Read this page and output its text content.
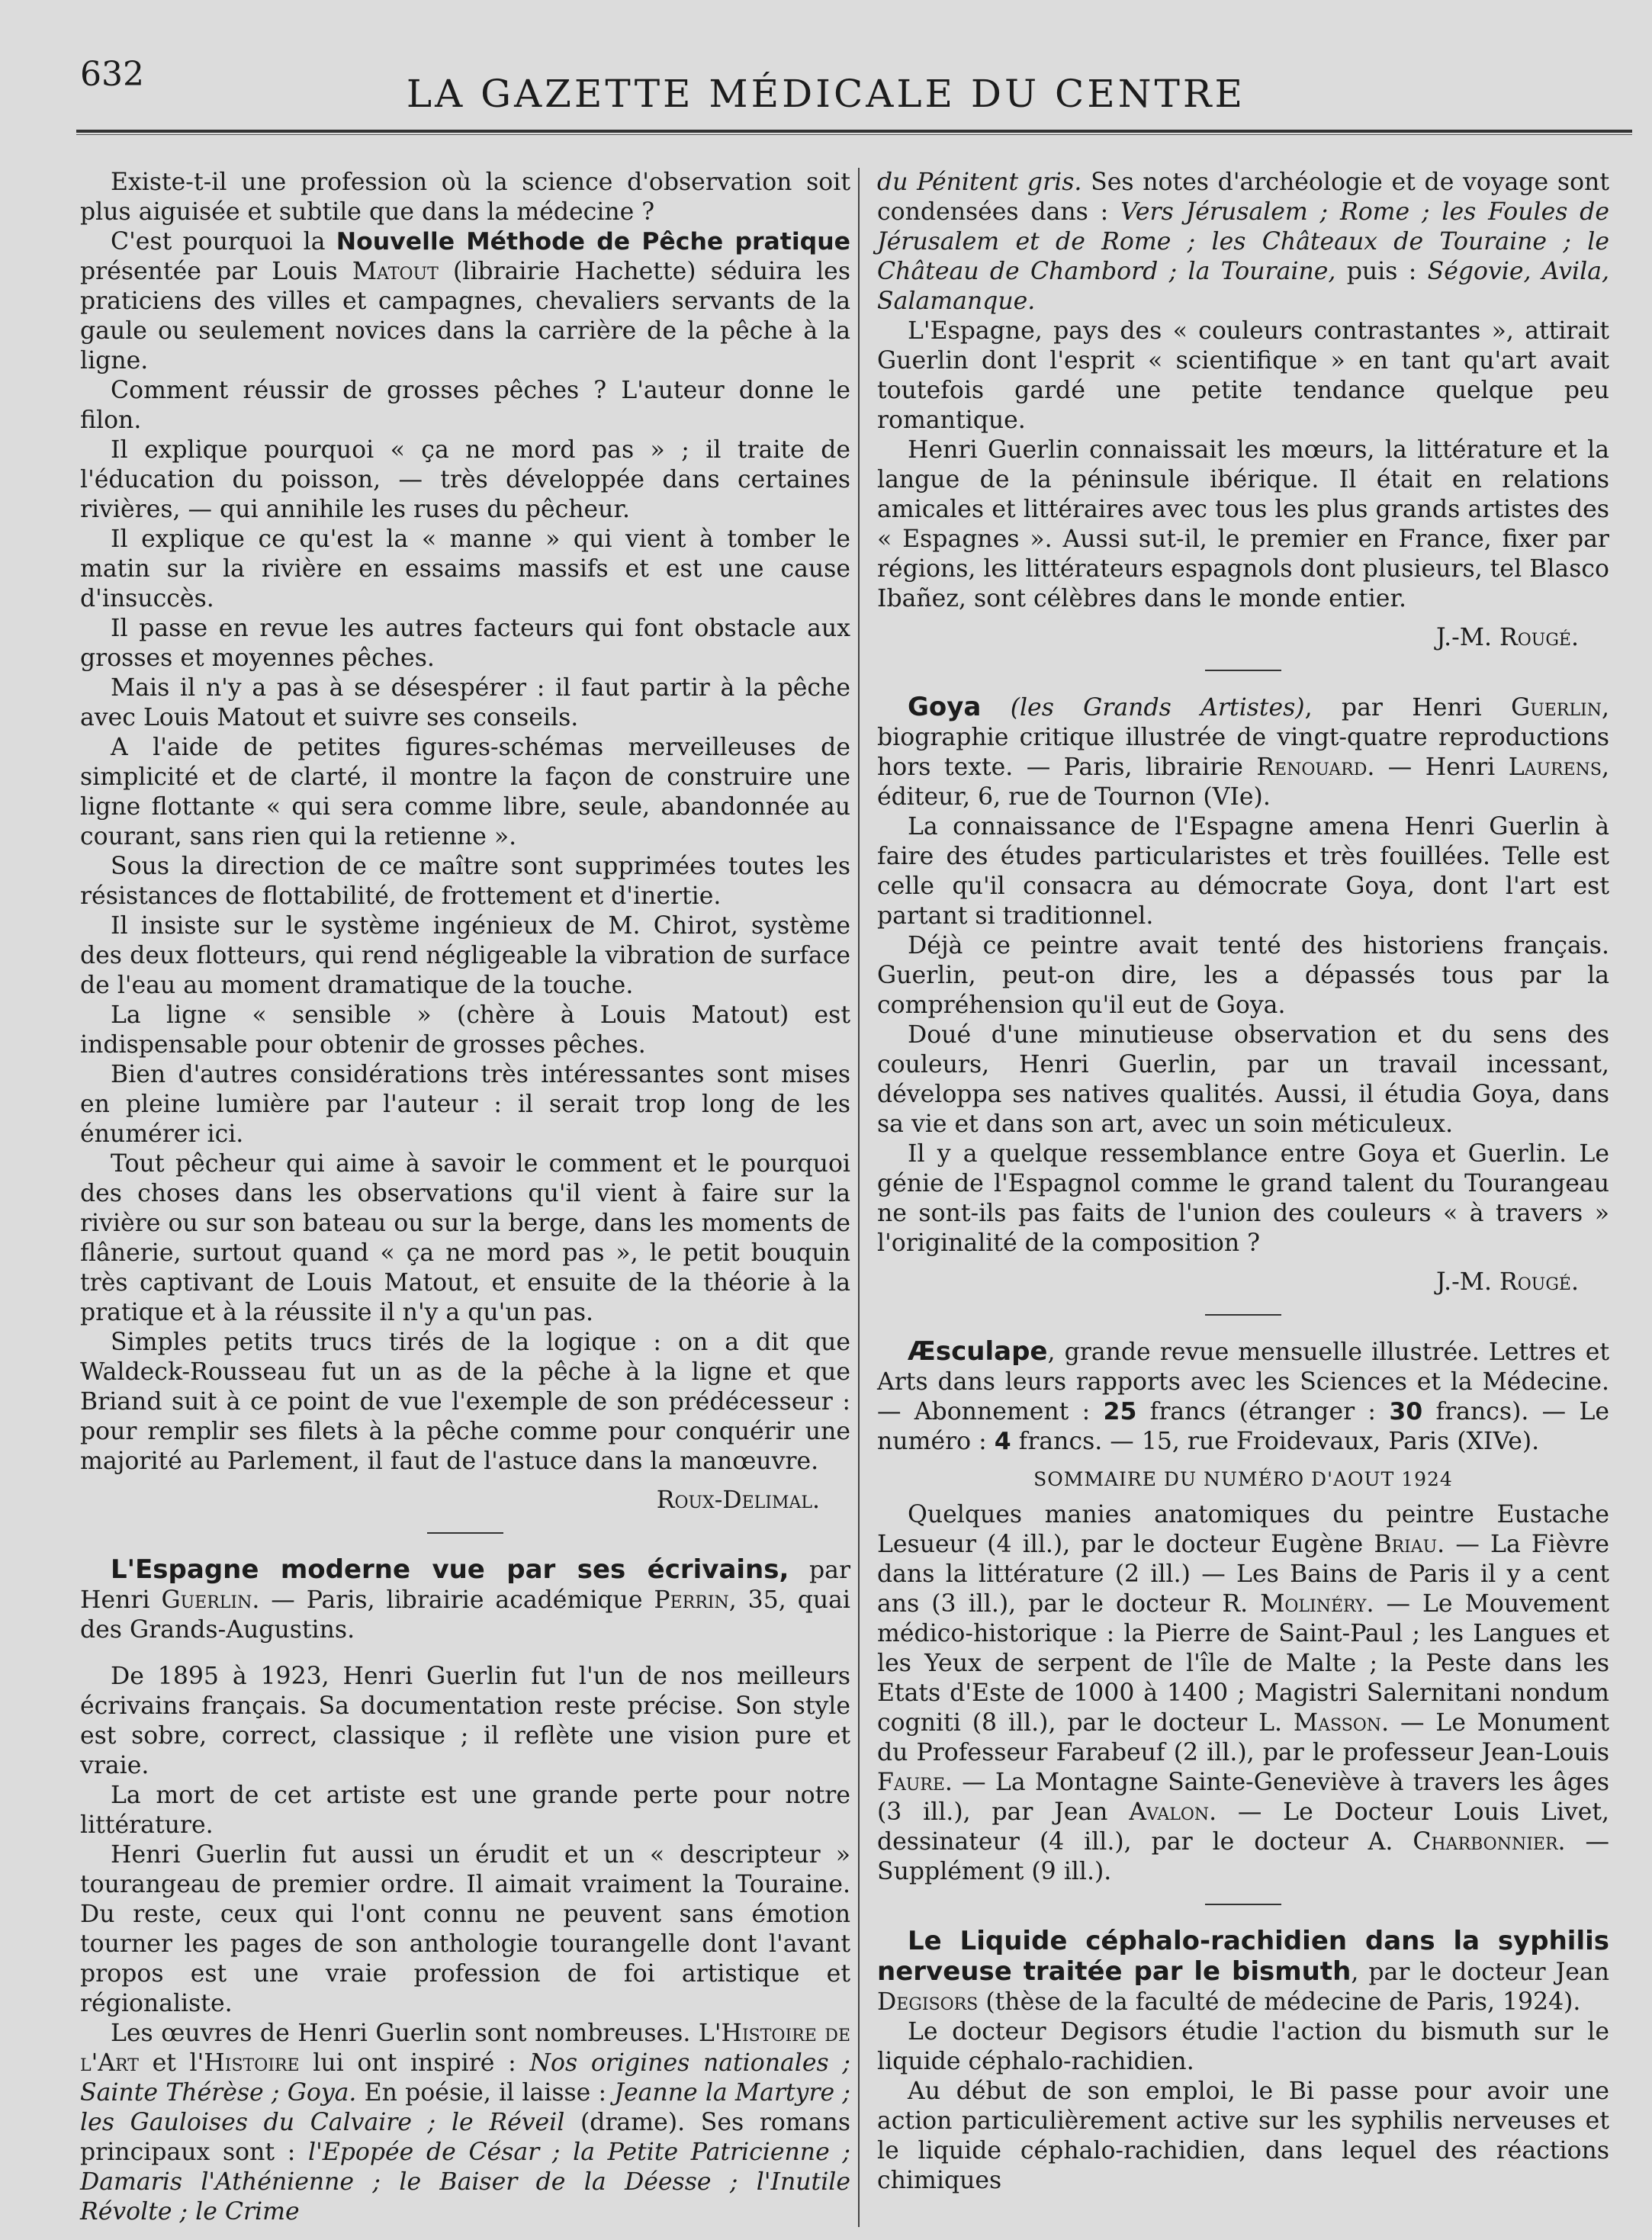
632	LA GAZETTE MÉDICALE DU CENTRE

Existe-t-il une profession où la science d'observation soit plus aiguisée et subtile que dans la médecine ?

C'est pourquoi la Nouvelle Méthode de Pêche pratique présentée par Louis Matout (librairie Hachette) séduira les praticiens des villes et campagnes, chevaliers servants de la gaule ou seulement novices dans la carrière de la pêche à la ligne.

Comment réussir de grosses pêches ? L'auteur donne le filon.

Il explique pourquoi « ça ne mord pas » ; il traite de l'éducation du poisson, — très développée dans certaines rivières, — qui annihile les ruses du pêcheur.

Il explique ce qu'est la « manne » qui vient à tomber le matin sur la rivière en essaims massifs et est une cause d'insuccès.

Il passe en revue les autres facteurs qui font obstacle aux grosses et moyennes pêches.

Mais il n'y a pas à se désespérer : il faut partir à la pêche avec Louis Matout et suivre ses conseils.

A l'aide de petites figures-schémas merveilleuses de simplicité et de clarté, il montre la façon de construire une ligne flottante « qui sera comme libre, seule, abandonnée au courant, sans rien qui la retienne ».

Sous la direction de ce maître sont supprimées toutes les résistances de flottabilité, de frottement et d'inertie.

Il insiste sur le système ingénieux de M. Chirot, système des deux flotteurs, qui rend négligeable la vibration de surface de l'eau au moment dramatique de la touche.

La ligne « sensible » (chère à Louis Matout) est indispensable pour obtenir de grosses pêches.

Bien d'autres considérations très intéressantes sont mises en pleine lumière par l'auteur : il serait trop long de les énumérer ici.

Tout pêcheur qui aime à savoir le comment et le pourquoi des choses dans les observations qu'il vient à faire sur la rivière ou sur son bateau ou sur la berge, dans les moments de flânerie, surtout quand « ça ne mord pas », le petit bouquin très captivant de Louis Matout, et ensuite de la théorie à la pratique et à la réussite il n'y a qu'un pas.

Simples petits trucs tirés de la logique : on a dit que Waldeck-Rousseau fut un as de la pêche à la ligne et que Briand suit à ce point de vue l'exemple de son prédécesseur : pour remplir ses filets à la pêche comme pour conquérir une majorité au Parlement, il faut de l'astuce dans la manœuvre.

Roux-Delimal.

L'Espagne moderne vue par ses écrivains, par Henri Guerlin. — Paris, librairie académique Perrin, 35, quai des Grands-Augustins.

De 1895 à 1923, Henri Guerlin fut l'un de nos meilleurs écrivains français. Sa documentation reste précise. Son style est sobre, correct, classique ; il reflète une vision pure et vraie.

La mort de cet artiste est une grande perte pour notre littérature.

Henri Guerlin fut aussi un érudit et un « descripteur » tourangeau de premier ordre. Il aimait vraiment la Touraine. Du reste, ceux qui l'ont connu ne peuvent sans émotion tourner les pages de son anthologie tourangelle dont l'avant propos est une vraie profession de foi artistique et régionaliste.

Les œuvres de Henri Guerlin sont nombreuses. L'Histoire de l'Art et l'Histoire lui ont inspiré : Nos origines nationales ; Sainte Thérèse ; Goya. En poésie, il laisse : Jeanne la Martyre ; les Gauloises du Calvaire ; le Réveil (drame). Ses romans principaux sont : l'Epopée de César ; la Petite Patricienne ; Damaris l'Athénienne ; le Baiser de la Déesse ; l'Inutile Révolte ; le Crime

du Pénitent gris. Ses notes d'archéologie et de voyage sont condensées dans : Vers Jérusalem ; Rome ; les Foules de Jérusalem et de Rome ; les Châteaux de Touraine ; le Château de Chambord ; la Touraine, puis : Ségovie, Avila, Salamanque.

L'Espagne, pays des « couleurs contrastantes », attirait Guerlin dont l'esprit « scientifique » en tant qu'art avait toutefois gardé une petite tendance quelque peu romantique.

Henri Guerlin connaissait les mœurs, la littérature et la langue de la péninsule ibérique. Il était en relations amicales et littéraires avec tous les plus grands artistes des « Espagnes ». Aussi sut-il, le premier en France, fixer par régions, les littérateurs espagnols dont plusieurs, tel Blasco Ibañez, sont célèbres dans le monde entier.

J.-M. Rougé.

Goya (les Grands Artistes), par Henri Guerlin, biographie critique illustrée de vingt-quatre reproductions hors texte. — Paris, librairie Renouard. — Henri Laurens, éditeur, 6, rue de Tournon (VIe).

La connaissance de l'Espagne amena Henri Guerlin à faire des études particularistes et très fouillées. Telle est celle qu'il consacra au démocrate Goya, dont l'art est partant si traditionnel.

Déjà ce peintre avait tenté des historiens français. Guerlin, peut-on dire, les a dépassés tous par la compréhension qu'il eut de Goya.

Doué d'une minutieuse observation et du sens des couleurs, Henri Guerlin, par un travail incessant, développa ses natives qualités. Aussi, il étudia Goya, dans sa vie et dans son art, avec un soin méticuleux.

Il y a quelque ressemblance entre Goya et Guerlin. Le génie de l'Espagnol comme le grand talent du Tourangeau ne sont-ils pas faits de l'union des couleurs « à travers » l'originalité de la composition ?

J.-M. Rougé.

Æsculape, grande revue mensuelle illustrée. Lettres et Arts dans leurs rapports avec les Sciences et la Médecine. — Abonnement : 25 francs (étranger : 30 francs). — Le numéro : 4 francs. — 15, rue Froidevaux, Paris (XIVe).

SOMMAIRE DU NUMÉRO D'AOUT 1924

Quelques manies anatomiques du peintre Eustache Lesueur (4 ill.), par le docteur Eugène Briau. — La Fièvre dans la littérature (2 ill.) — Les Bains de Paris il y a cent ans (3 ill.), par le docteur R. Molinéry. — Le Mouvement médico-historique : la Pierre de Saint-Paul ; les Langues et les Yeux de serpent de l'île de Malte ; la Peste dans les Etats d'Este de 1000 à 1400 ; Magistri Salernitani nondum cogniti (8 ill.), par le docteur L. Masson. — Le Monument du Professeur Farabeuf (2 ill.), par le professeur Jean-Louis Faure. — La Montagne Sainte-Geneviève à travers les âges (3 ill.), par Jean Avalon. — Le Docteur Louis Livet, dessinateur (4 ill.), par le docteur A. Charbonnier. — Supplément (9 ill.).

Le Liquide céphalo-rachidien dans la syphilis nerveuse traitée par le bismuth, par le docteur Jean Degisors (thèse de la faculté de médecine de Paris, 1924).

Le docteur Degisors étudie l'action du bismuth sur le liquide céphalo-rachidien.

Au début de son emploi, le Bi passe pour avoir une action particulièrement active sur les syphilis nerveuses et le liquide céphalo-rachidien, dans lequel des réactions chimiques
